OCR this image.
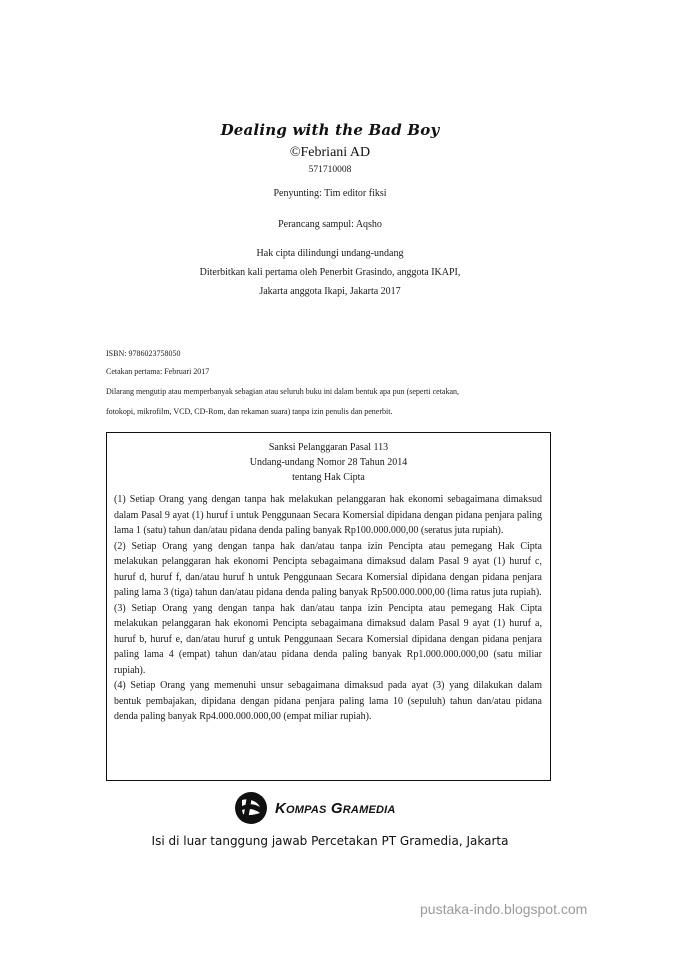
Dealing with the Bad Boy
©Febriani AD
571710008
Penyunting: Tim editor fiksi
Perancang sampul: Aqsho
Hak cipta dilindungi undang-undang
Diterbitkan kali pertama oleh Penerbit Grasindo, anggota IKAPI,
Jakarta anggota Ikapi, Jakarta 2017
ISBN: 9786023758050
Cetakan pertama: Februari 2017
Dilarang mengutip atau memperbanyak sebagian atau seluruh buku ini dalam bentuk apa pun (seperti cetakan,
fotokopi, mikrofilm, VCD, CD-Rom, dan rekaman suara) tanpa izin penulis dan penerbit.
Sanksi Pelanggaran Pasal 113
Undang-undang Nomor 28 Tahun 2014
tentang Hak Cipta

(1) Setiap Orang yang dengan tanpa hak melakukan pelanggaran hak ekonomi sebagaimana dimaksud dalam Pasal 9 ayat (1) huruf i untuk Penggunaan Secara Komersial dipidana dengan pidana penjara paling lama 1 (satu) tahun dan/atau pidana denda paling banyak Rp100.000.000,00 (seratus juta rupiah).

(2) Setiap Orang yang dengan tanpa hak dan/atau tanpa izin Pencipta atau pemegang Hak Cipta melakukan pelanggaran hak ekonomi Pencipta sebagaimana dimaksud dalam Pasal 9 ayat (1) huruf c, huruf d, huruf f, dan/atau huruf h untuk Penggunaan Secara Komersial dipidana dengan pidana penjara paling lama 3 (tiga) tahun dan/atau pidana denda paling banyak Rp500.000.000,00 (lima ratus juta rupiah).

(3) Setiap Orang yang dengan tanpa hak dan/atau tanpa izin Pencipta atau pemegang Hak Cipta melakukan pelanggaran hak ekonomi Pencipta sebagaimana dimaksud dalam Pasal 9 ayat (1) huruf a, huruf b, huruf e, dan/atau huruf g untuk Penggunaan Secara Komersial dipidana dengan pidana penjara paling lama 4 (empat) tahun dan/atau pidana denda paling banyak Rp1.000.000.000,00 (satu miliar rupiah).

(4) Setiap Orang yang memenuhi unsur sebagaimana dimaksud pada ayat (3) yang dilakukan dalam bentuk pembajakan, dipidana dengan pidana penjara paling lama 10 (sepuluh) tahun dan/atau pidana denda paling banyak Rp4.000.000.000,00 (empat miliar rupiah).

Kompas Gramedia
Isi di luar tanggung jawab Percetakan PT Gramedia, Jakarta
pustaka-indo.blogspot.com
